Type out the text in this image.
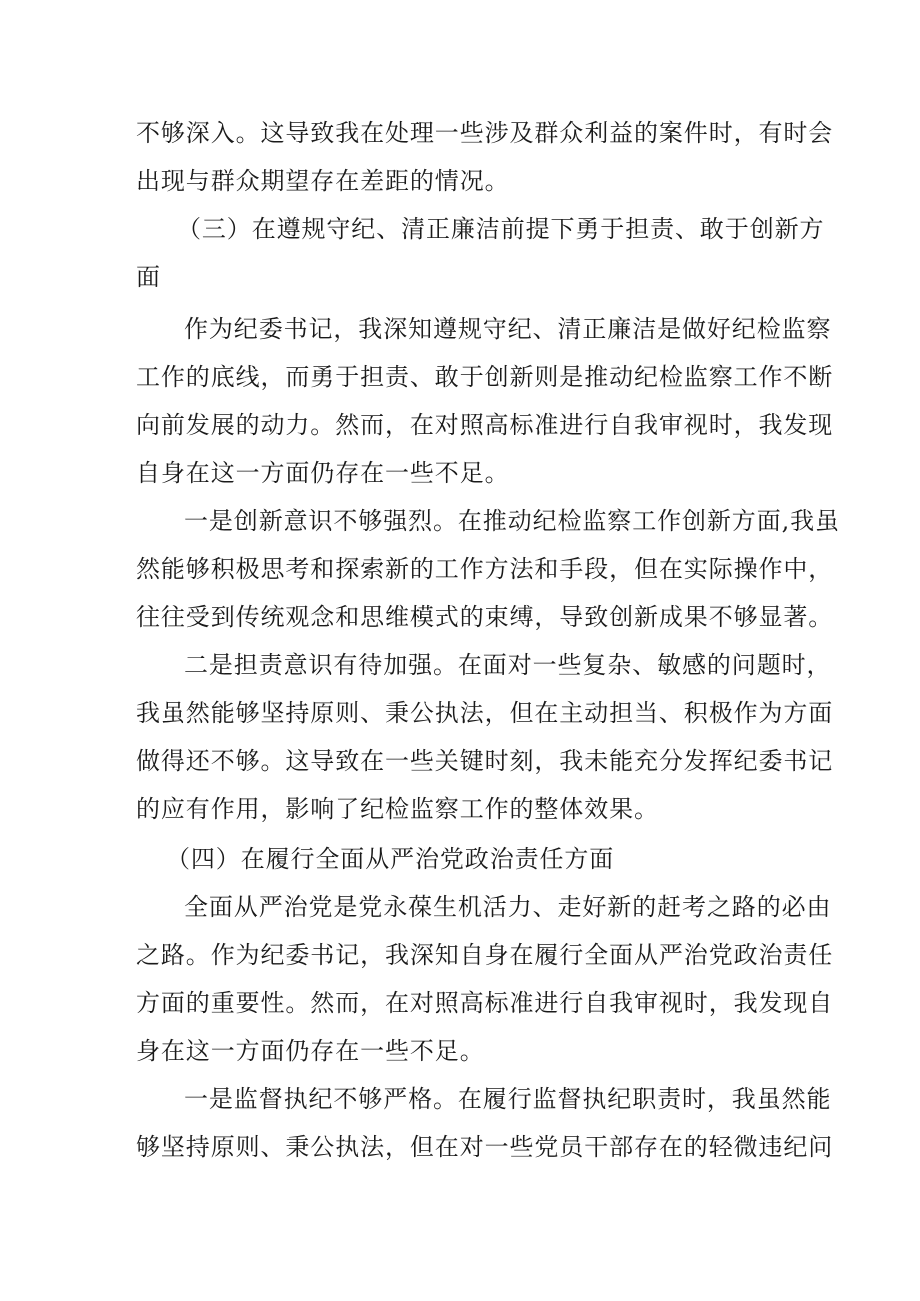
不够深入。这导致我在处理一些涉及群众利益的案件时，有时会
出现与群众期望存在差距的情况。
（三）在遵规守纪、清正廉洁前提下勇于担责、敢于创新方
面
作为纪委书记，我深知遵规守纪、清正廉洁是做好纪检监察
工作的底线，而勇于担责、敢于创新则是推动纪检监察工作不断
向前发展的动力。然而，在对照高标准进行自我审视时，我发现
自身在这一方面仍存在一些不足。
一是创新意识不够强烈。在推动纪检监察工作创新方面,我虽
然能够积极思考和探索新的工作方法和手段，但在实际操作中，
往往受到传统观念和思维模式的束缚，导致创新成果不够显著。
二是担责意识有待加强。在面对一些复杂、敏感的问题时，
我虽然能够坚持原则、秉公执法，但在主动担当、积极作为方面
做得还不够。这导致在一些关键时刻，我未能充分发挥纪委书记
的应有作用，影响了纪检监察工作的整体效果。
（四）在履行全面从严治党政治责任方面
全面从严治党是党永葆生机活力、走好新的赶考之路的必由
之路。作为纪委书记，我深知自身在履行全面从严治党政治责任
方面的重要性。然而，在对照高标准进行自我审视时，我发现自
身在这一方面仍存在一些不足。
一是监督执纪不够严格。在履行监督执纪职责时，我虽然能
够坚持原则、秉公执法，但在对一些党员干部存在的轻微违纪问
